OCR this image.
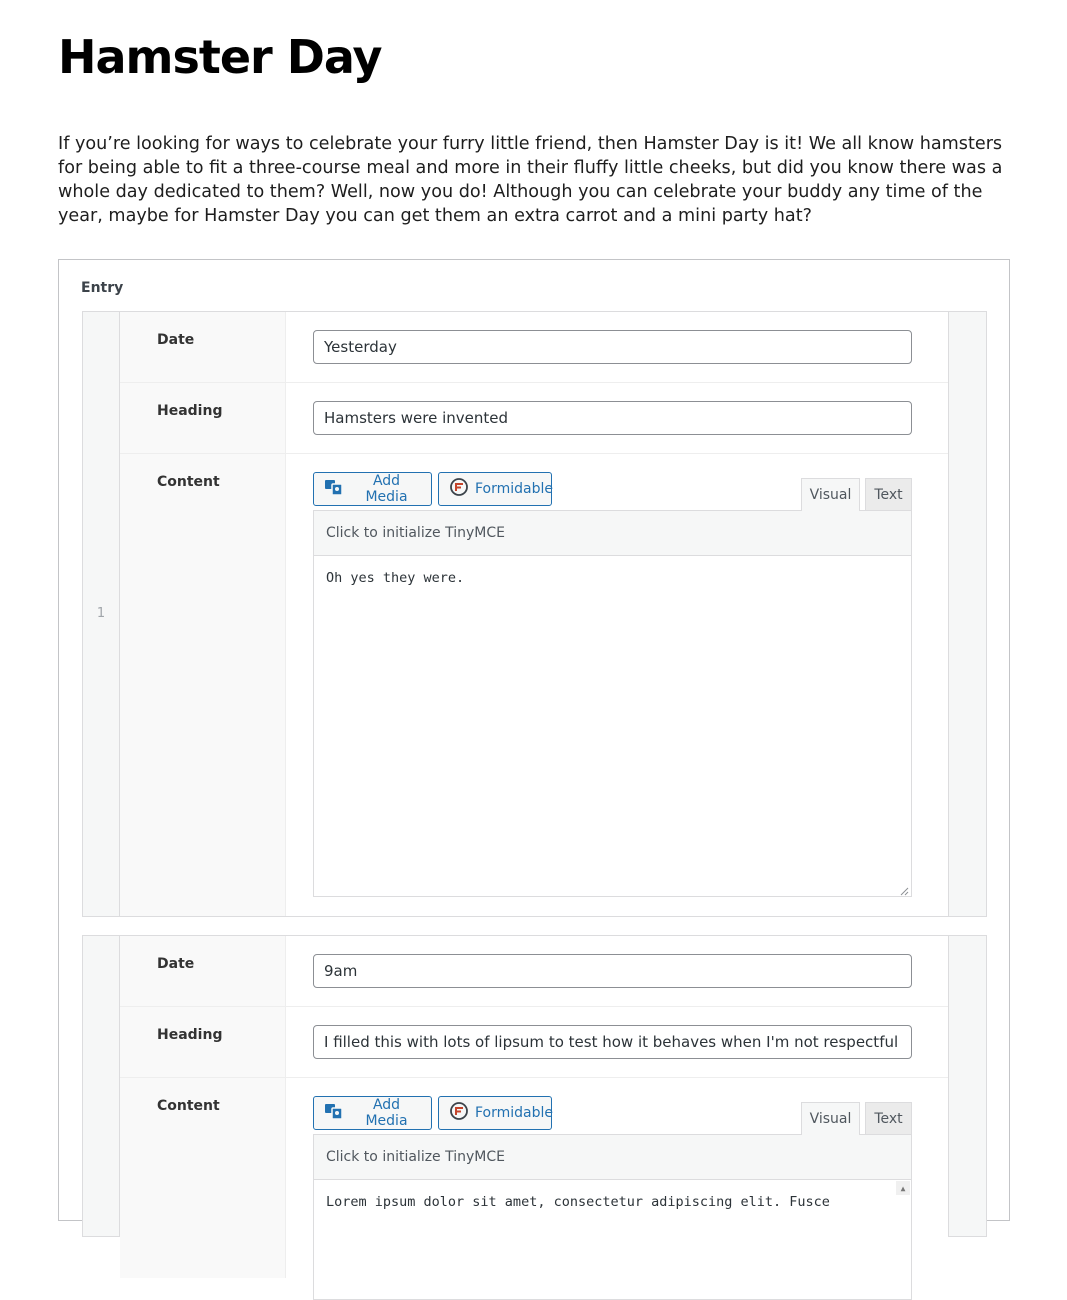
Hamster Day

If you’re looking for ways to celebrate your furry little friend, then Hamster Day is it! We all know hamsters for being able to fit a three-course meal and more in their fluffy little cheeks, but did you know there was a whole day dedicated to them? Well, now you do! Although you can celebrate your buddy any time of the year, maybe for Hamster Day you can get them an extra carrot and a mini party hat?

Entry
1
Date
Yesterday
Heading
Hamsters were invented
Content	Add Media	Formidable	Visual	Text
Click to initialize TinyMCE
Oh yes they were.
Date
9am
Heading
I filled this with lots of lipsum to test how it behaves when I'm not respectful of the
Content	Add Media	Formidable	Visual	Text
Click to initialize TinyMCE
Lorem ipsum dolor sit amet, consectetur adipiscing elit. Fusce
▲
